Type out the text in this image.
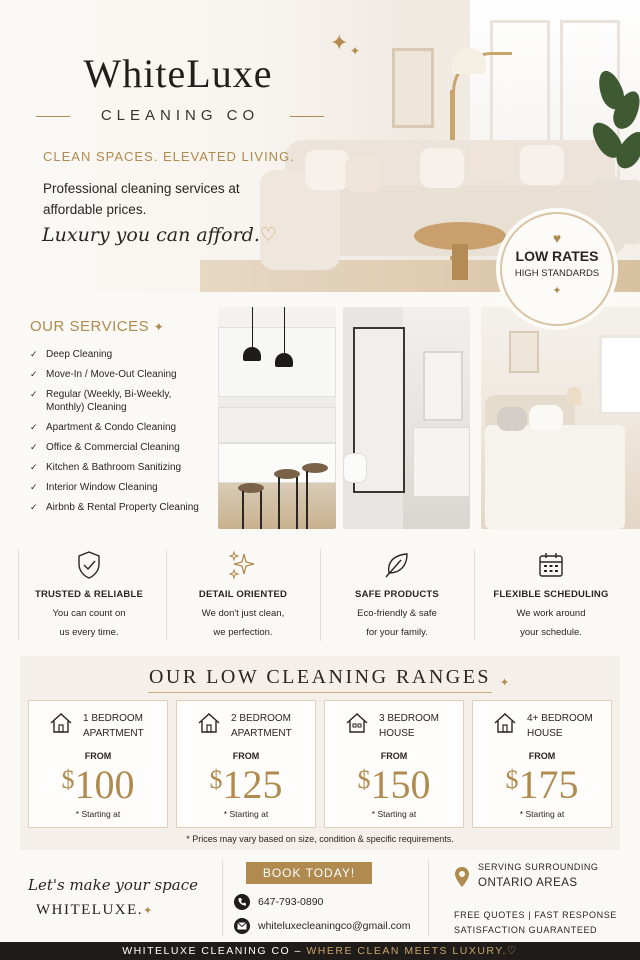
WhiteLuxe
CLEANING CO
✦ ✦
CLEAN SPACES. ELEVATED LIVING.
Professional cleaning services at affordable prices.
Luxury you can afford.♡	♥
LOW RATES
HIGH STANDARDS
✦
OUR SERVICES ✦
✓ Deep Cleaning
✓ Move-In / Move-Out Cleaning
✓ Regular (Weekly, Bi-Weekly, Monthly) Cleaning
✓ Apartment & Condo Cleaning
✓ Office & Commercial Cleaning
✓ Kitchen & Bathroom Sanitizing
✓ Interior Window Cleaning
✓ Airbnb & Rental Property Cleaning
TRUSTED & RELIABLE
You can count on
us every time.
DETAIL ORIENTED
We don't just clean,
we perfection.
SAFE PRODUCTS
Eco-friendly & safe
for your family.
FLEXIBLE SCHEDULING
We work around
your schedule.
OUR LOW CLEANING RANGES ✦
1 BEDROOM
APARTMENT
FROM
$100
* Starting at
2 BEDROOM
APARTMENT
FROM
$125
* Starting at
3 BEDROOM
HOUSE
FROM
$150
* Starting at
4+ BEDROOM
HOUSE
FROM
$175
* Starting at
* Prices may vary based on size, condition & specific requirements.
Let's make your space
WHITELUXE.✦
BOOK TODAY!
647-793-0890
whiteluxecleaningco@gmail.com
SERVING SURROUNDING
ONTARIO AREAS
FREE QUOTES | FAST RESPONSE
SATISFACTION GUARANTEED
WHITELUXE CLEANING CO – WHERE CLEAN MEETS LUXURY.♡
